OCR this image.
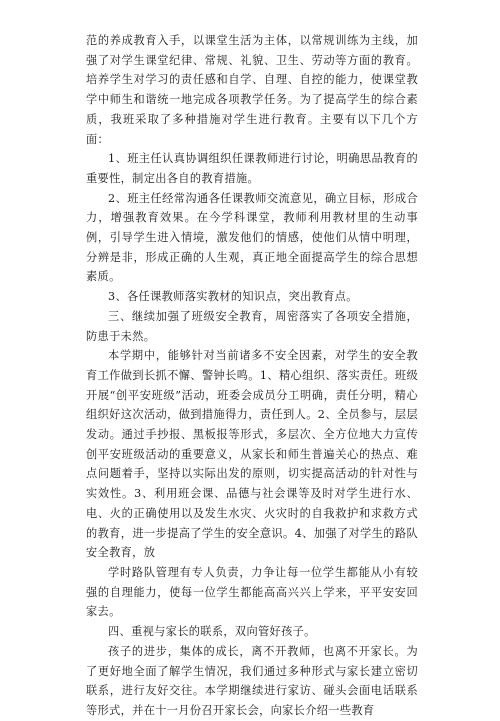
范的养成教育入手，以课堂生活为主体，以常规训练为主线，加强了对学生课堂纪律、常规、礼貌、卫生、劳动等方面的教育。培养学生对学习的责任感和自学、自理、自控的能力，使课堂教学中师生和谐统一地完成各项教学任务。为了提高学生的综合素质，我班采取了多种措施对学生进行教育。主要有以下几个方面：

1、班主任认真协调组织任课教师进行讨论，明确思品教育的重要性，制定出各自的教育措施。

2、班主任经常沟通各任课教师交流意见，确立目标，形成合力，增强教育效果。在今学科课堂，教师利用教材里的生动事例，引导学生进入情境，激发他们的情感，使他们从情中明理，分辨是非，形成正确的人生观，真正地全面提高学生的综合思想素质。

3、各任课教师落实教材的知识点，突出教育点。

三、继续加强了班级安全教育，周密落实了各项安全措施，防患于未然。

本学期中，能够针对当前诸多不安全因素，对学生的安全教育工作做到长抓不懈、警钟长鸣。1、精心组织、落实责任。班级开展“创平安班级”活动，班委会成员分工明确，责任分明，精心组织好这次活动，做到措施得力，责任到人。2、全员参与，层层发动。通过手抄报、黑板报等形式，多层次、全方位地大力宣传创平安班级活动的重要意义，从家长和师生普遍关心的热点、难点问题着手，坚持以实际出发的原则，切实提高活动的针对性与实效性。3、利用班会课、品德与社会课等及时对学生进行水、电、火的正确使用以及发生水灾、火灾时的自我救护和求救方式的教育，进一步提高了学生的安全意识。4、加强了对学生的路队安全教育，放

学时路队管理有专人负责，力争让每一位学生都能从小有较强的自理能力，使每一位学生都能高高兴兴上学来，平平安安回家去。

四、重视与家长的联系，双向管好孩子。

孩子的进步，集体的成长，离不开教师，也离不开家长。为了更好地全面了解学生情况，我们通过多种形式与家长建立密切联系，进行友好交往。本学期继续进行家访、碰头会面电话联系等形式，并在十一月份召开家长会，向家长介绍一些教育
